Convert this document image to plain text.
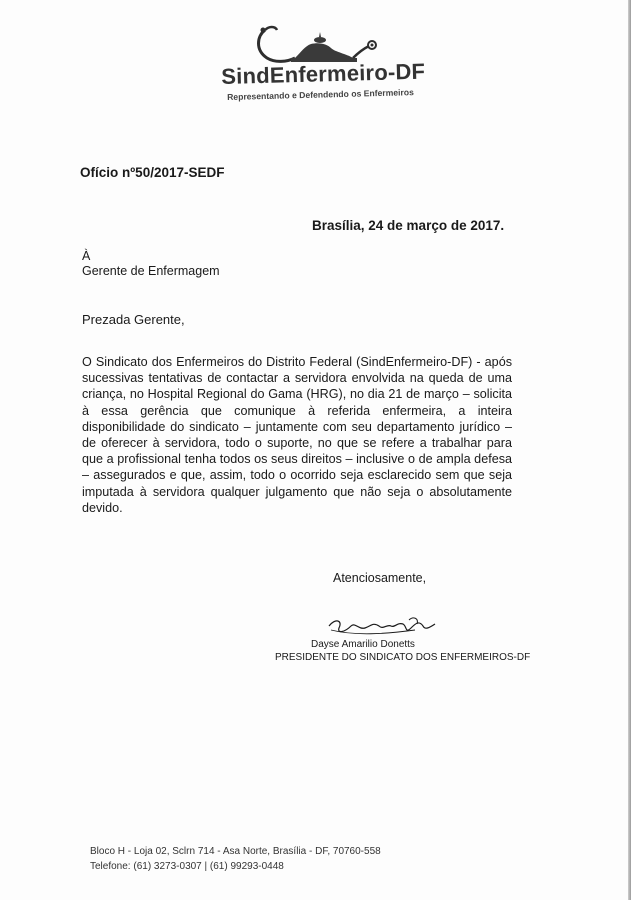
SindEnfermeiro-DF
Representando e Defendendo os Enfermeiros
Ofício nº50/2017-SEDF
Brasília, 24 de março de 2017.
À
Gerente de Enfermagem
Prezada Gerente,
O Sindicato dos Enfermeiros do Distrito Federal (SindEnfermeiro-DF) - após sucessivas tentativas de contactar a servidora envolvida na queda de uma criança, no Hospital Regional do Gama (HRG), no dia 21 de março – solicita à essa gerência que comunique à referida enfermeira, a inteira disponibilidade do sindicato – juntamente com seu departamento jurídico – de oferecer à servidora, todo o suporte, no que se refere a trabalhar para que a profissional tenha todos os seus direitos – inclusive o de ampla defesa – assegurados e que, assim, todo o ocorrido seja esclarecido sem que seja imputada à servidora qualquer julgamento que não seja o absolutamente devido.
Atenciosamente,
Dayse Amarilio Donetts
PRESIDENTE DO SINDICATO DOS ENFERMEIROS-DF
Bloco H - Loja 02, Sclrn 714 - Asa Norte, Brasília - DF, 70760-558
Telefone: (61) 3273-0307 | (61) 99293-0448
